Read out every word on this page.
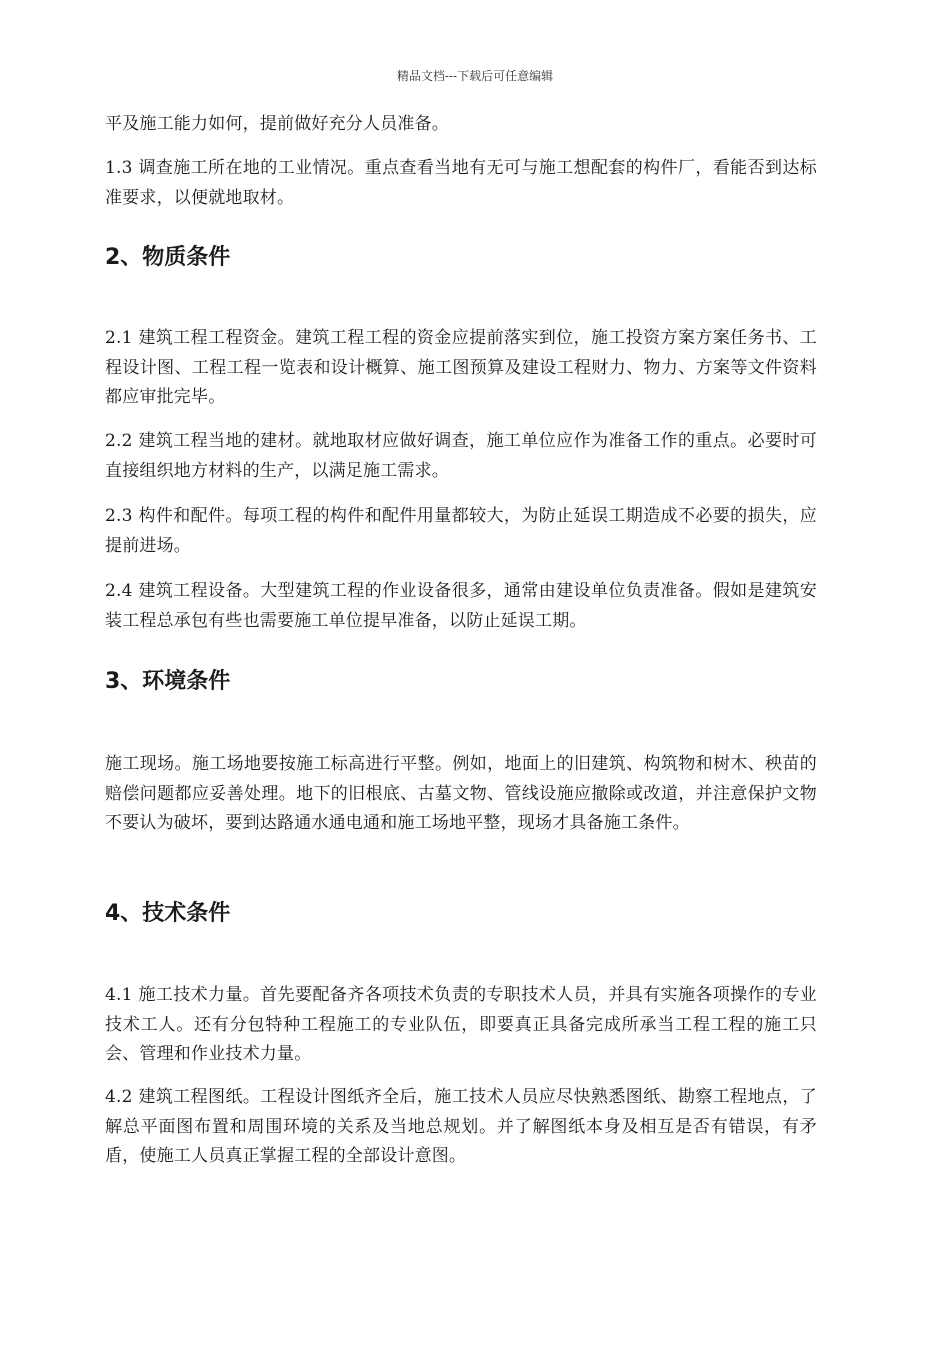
精品文档---下载后可任意编辑
平及施工能力如何，提前做好充分人员准备。
1.3 调查施工所在地的工业情况。重点查看当地有无可与施工想配套的构件厂，看能否到达标准要求，以便就地取材。
2、物质条件
2.1 建筑工程工程资金。建筑工程工程的资金应提前落实到位，施工投资方案方案任务书、工程设计图、工程工程一览表和设计概算、施工图预算及建设工程财力、物力、方案等文件资料都应审批完毕。
2.2 建筑工程当地的建材。就地取材应做好调查，施工单位应作为准备工作的重点。必要时可直接组织地方材料的生产，以满足施工需求。
2.3 构件和配件。每项工程的构件和配件用量都较大，为防止延误工期造成不必要的损失，应提前进场。
2.4 建筑工程设备。大型建筑工程的作业设备很多，通常由建设单位负责准备。假如是建筑安装工程总承包有些也需要施工单位提早准备，以防止延误工期。
3、环境条件
施工现场。施工场地要按施工标高进行平整。例如，地面上的旧建筑、构筑物和树木、秧苗的赔偿问题都应妥善处理。地下的旧根底、古墓文物、管线设施应撤除或改道，并注意保护文物不要认为破坏，要到达路通水通电通和施工场地平整，现场才具备施工条件。
4、技术条件
4.1 施工技术力量。首先要配备齐各项技术负责的专职技术人员，并具有实施各项操作的专业技术工人。还有分包特种工程施工的专业队伍，即要真正具备完成所承当工程工程的施工只会、管理和作业技术力量。
4.2 建筑工程图纸。工程设计图纸齐全后，施工技术人员应尽快熟悉图纸、勘察工程地点，了解总平面图布置和周围环境的关系及当地总规划。并了解图纸本身及相互是否有错误，有矛盾，使施工人员真正掌握工程的全部设计意图。
